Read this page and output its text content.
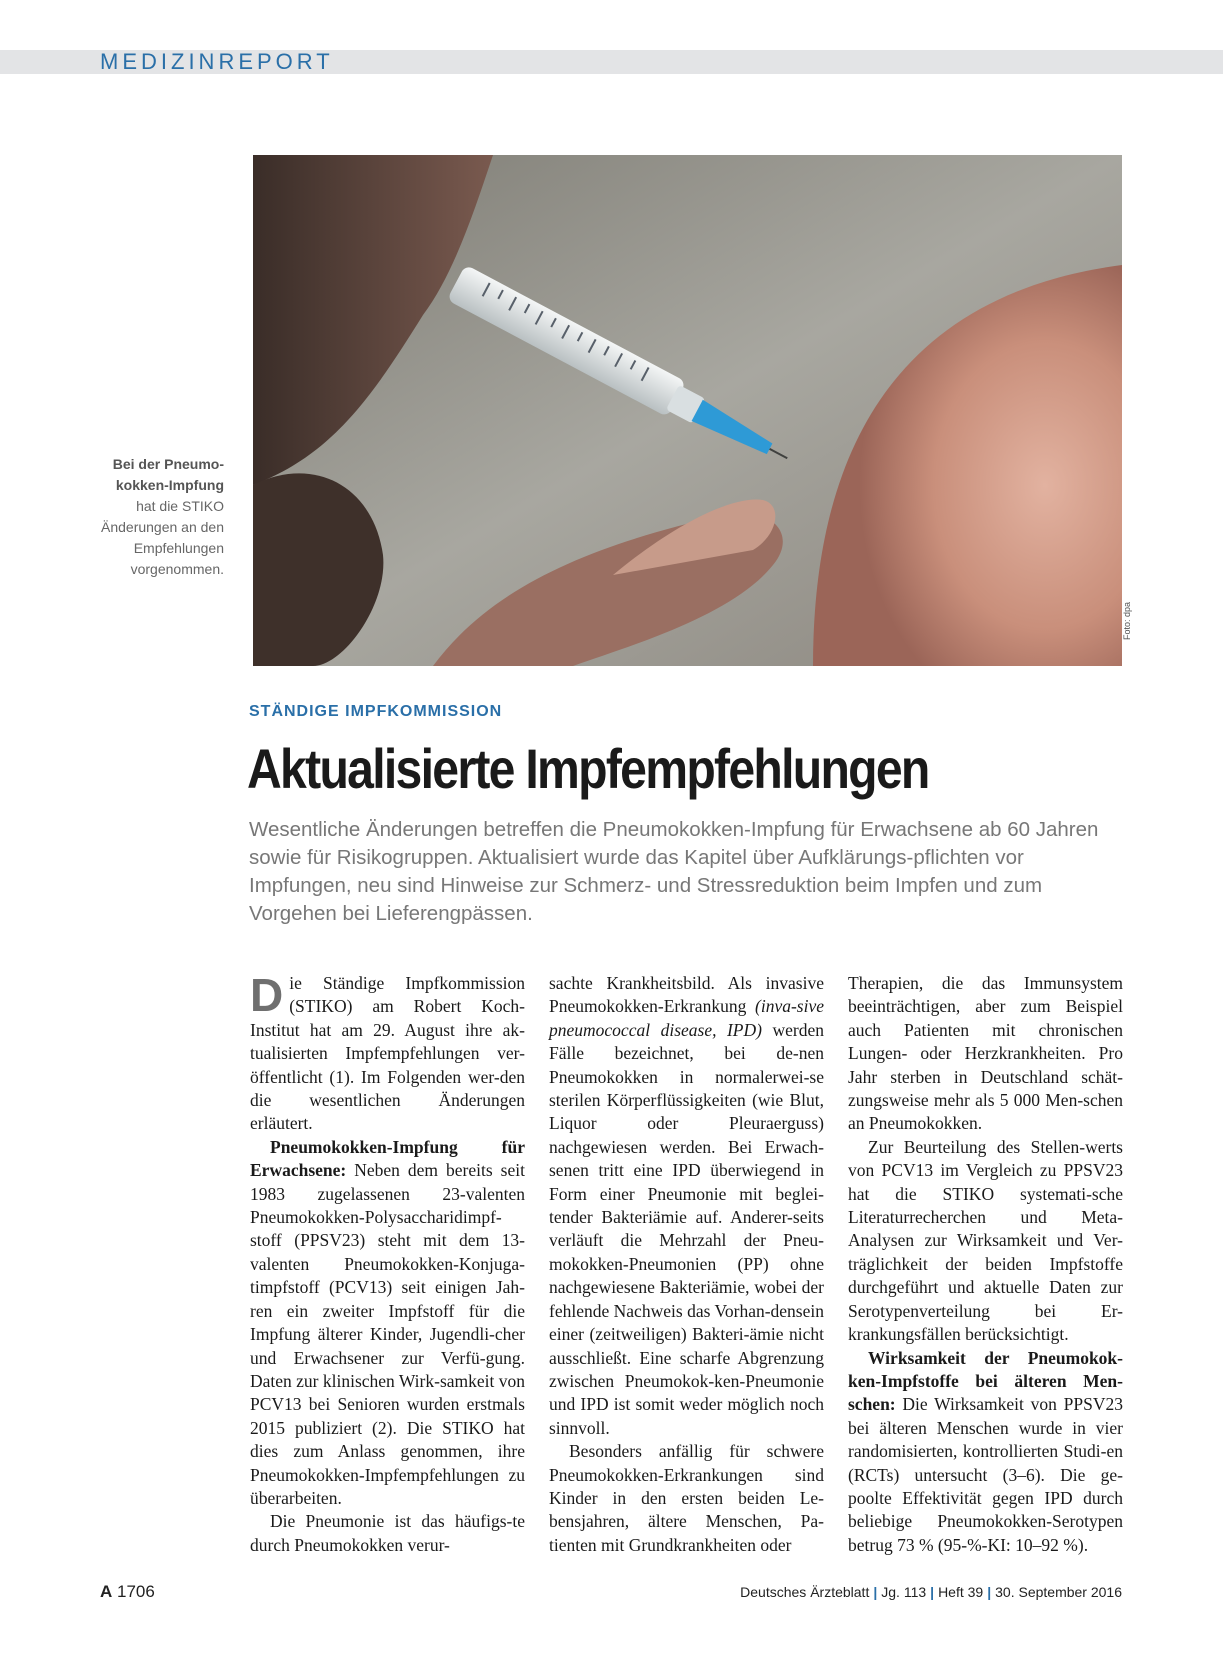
MEDIZINREPORT
Foto: dpa
Bei der Pneumo-kokken-Impfung hat die STIKO Änderungen an den Empfehlungen vorgenommen.
STÄNDIGE IMPFKOMMISSION
Aktualisierte Impfempfehlungen
Wesentliche Änderungen betreffen die Pneumokokken-Impfung für Erwachsene ab 60 Jahren sowie für Risikogruppen. Aktualisiert wurde das Kapitel über Aufklärungs-pflichten vor Impfungen, neu sind Hinweise zur Schmerz- und Stressreduktion beim Impfen und zum Vorgehen bei Lieferengpässen.

Die Ständige Impfkommission (STIKO) am Robert Koch-Institut hat am 29. August ihre ak-tualisierten Impfempfehlungen ver-öffentlicht (1). Im Folgenden wer-den die wesentlichen Änderungen erläutert.

Pneumokokken-Impfung für Erwachsene: Neben dem bereits seit 1983 zugelassenen 23-valenten Pneumokokken-Polysaccharidimpf-stoff (PPSV23) steht mit dem 13-valenten Pneumokokken-Konjuga-timpfstoff (PCV13) seit einigen Jah-ren ein zweiter Impfstoff für die Impfung älterer Kinder, Jugendli-cher und Erwachsener zur Verfü-gung. Daten zur klinischen Wirk-samkeit von PCV13 bei Senioren wurden erstmals 2015 publiziert (2). Die STIKO hat dies zum Anlass genommen, ihre Pneumokokken-Impfempfehlungen zu überarbeiten.

Die Pneumonie ist das häufigs-te durch Pneumokokken verur-

sachte Krankheitsbild. Als invasive Pneumokokken-Erkrankung (inva-sive pneumococcal disease, IPD) werden Fälle bezeichnet, bei de-nen Pneumokokken in normalerwei-se sterilen Körperflüssigkeiten (wie Blut, Liquor oder Pleuraerguss) nachgewiesen werden. Bei Erwach-senen tritt eine IPD überwiegend in Form einer Pneumonie mit beglei-tender Bakteriämie auf. Anderer-seits verläuft die Mehrzahl der Pneu-mokokken-Pneumonien (PP) ohne nachgewiesene Bakteriämie, wobei der fehlende Nachweis das Vorhan-densein einer (zeitweiligen) Bakteri-ämie nicht ausschließt. Eine scharfe Abgrenzung zwischen Pneumokok-ken-Pneumonie und IPD ist somit weder möglich noch sinnvoll.

Besonders anfällig für schwere Pneumokokken-Erkrankungen sind Kinder in den ersten beiden Le-bensjahren, ältere Menschen, Pa-tienten mit Grundkrankheiten oder

Therapien, die das Immunsystem beeinträchtigen, aber zum Beispiel auch Patienten mit chronischen Lungen- oder Herzkrankheiten. Pro Jahr sterben in Deutschland schät-zungsweise mehr als 5 000 Men-schen an Pneumokokken.

Zur Beurteilung des Stellen-werts von PCV13 im Vergleich zu PPSV23 hat die STIKO systemati-sche Literaturrecherchen und Meta-Analysen zur Wirksamkeit und Ver-träglichkeit der beiden Impfstoffe durchgeführt und aktuelle Daten zur Serotypenverteilung bei Er-krankungsfällen berücksichtigt.

Wirksamkeit der Pneumokok-ken-Impfstoffe bei älteren Men-schen: Die Wirksamkeit von PPSV23 bei älteren Menschen wurde in vier randomisierten, kontrollierten Studi-en (RCTs) untersucht (3–6). Die ge-poolte Effektivität gegen IPD durch beliebige Pneumokokken-Serotypen betrug 73 % (95-%-KI: 10–92 %).

A 1706	Deutsches Ärzteblatt | Jg. 113 | Heft 39 | 30. September 2016
